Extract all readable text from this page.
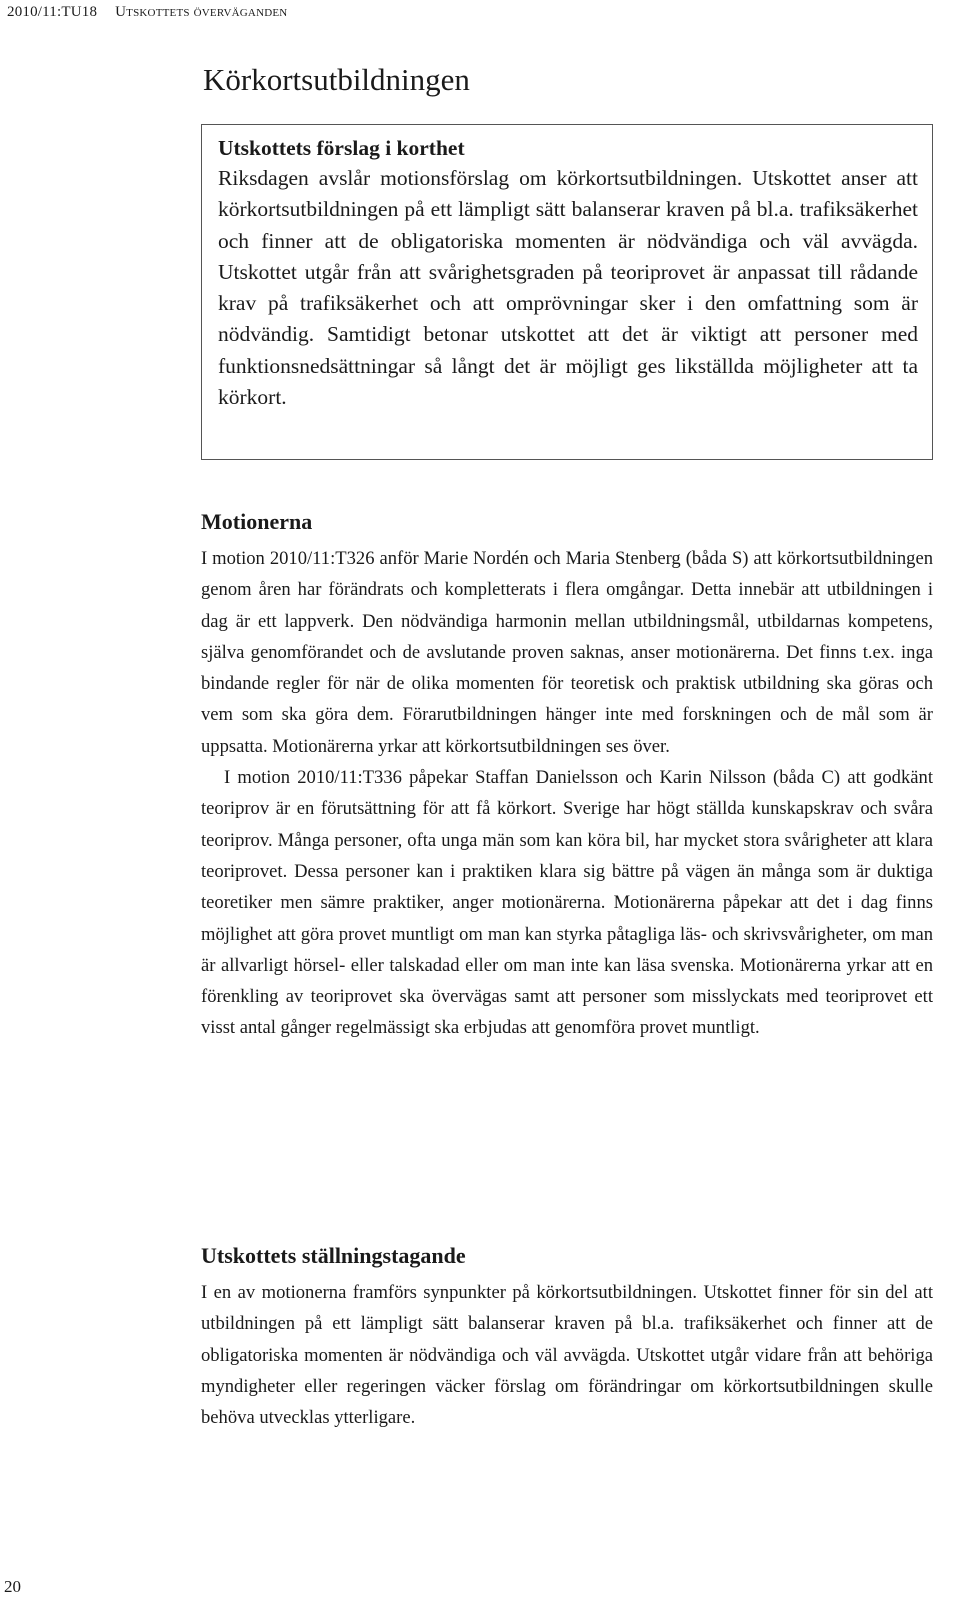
2010/11:TU18 Utskottets överväganden
Körkortsutbildningen
Utskottets förslag i korthet

Riksdagen avslår motionsförslag om körkortsutbildningen. Utskottet anser att körkortsutbildningen på ett lämpligt sätt balanserar kraven på bl.a. trafiksäkerhet och finner att de obligatoriska momenten är nödvändiga och väl avvägda. Utskottet utgår från att svårighetsgraden på teoriprovet är anpassat till rådande krav på trafiksäkerhet och att omprövningar sker i den omfattning som är nödvändig. Samtidigt betonar utskottet att det är viktigt att personer med funktionsnedsättningar så långt det är möjligt ges likställda möjligheter att ta körkort.

Motionerna

I motion 2010/11:T326 anför Marie Nordén och Maria Stenberg (båda S) att körkortsutbildningen genom åren har förändrats och kompletterats i flera omgångar. Detta innebär att utbildningen i dag är ett lappverk. Den nödvändiga harmonin mellan utbildningsmål, utbildarnas kompetens, själva genomförandet och de avslutande proven saknas, anser motionärerna. Det finns t.ex. inga bindande regler för när de olika momenten för teoretisk och praktisk utbildning ska göras och vem som ska göra dem. Förarutbildningen hänger inte med forskningen och de mål som är uppsatta. Motionärerna yrkar att körkortsutbildningen ses över.

I motion 2010/11:T336 påpekar Staffan Danielsson och Karin Nilsson (båda C) att godkänt teoriprov är en förutsättning för att få körkort. Sverige har högt ställda kunskapskrav och svåra teoriprov. Många personer, ofta unga män som kan köra bil, har mycket stora svårigheter att klara teoriprovet. Dessa personer kan i praktiken klara sig bättre på vägen än många som är duktiga teoretiker men sämre praktiker, anger motionärerna. Motionärerna påpekar att det i dag finns möjlighet att göra provet muntligt om man kan styrka påtagliga läs- och skrivsvårigheter, om man är allvarligt hörsel- eller talskadad eller om man inte kan läsa svenska. Motionärerna yrkar att en förenkling av teoriprovet ska övervägas samt att personer som misslyckats med teoriprovet ett visst antal gånger regelmässigt ska erbjudas att genomföra provet muntligt.

Utskottets ställningstagande

I en av motionerna framförs synpunkter på körkortsutbildningen. Utskottet finner för sin del att utbildningen på ett lämpligt sätt balanserar kraven på bl.a. trafiksäkerhet och finner att de obligatoriska momenten är nödvändiga och väl avvägda. Utskottet utgår vidare från att behöriga myndigheter eller regeringen väcker förslag om förändringar om körkortsutbildningen skulle behöva utvecklas ytterligare.

20
